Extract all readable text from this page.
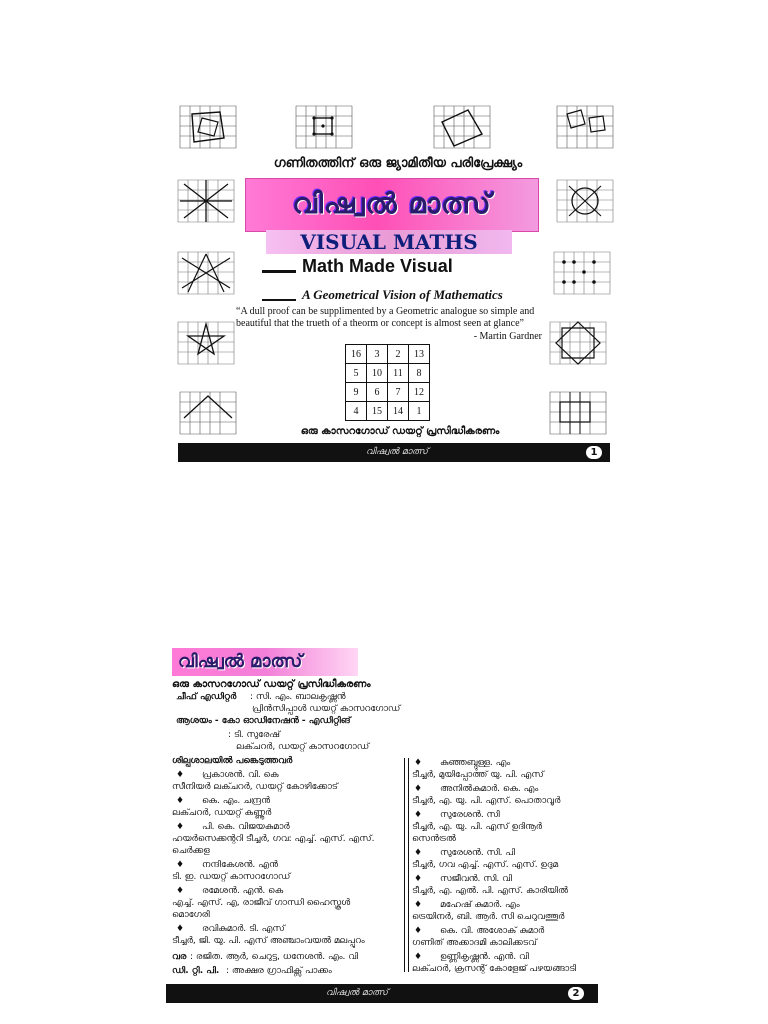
ഗണിതത്തിന് ഒരു ജ്യാമിതീയ പരിപ്രേക്ഷ്യം
വിഷ്വൽ മാത്സ്
VISUAL MATHS
Math Made Visual
A Geometrical Vision of Mathematics
“A dull proof can be supplimented by a Geometric analogue so simple and beautiful that the trueth of a theorm or concept is almost seen at glance”
- Martin Gardner
16	3	2	13
5	10	11	8
9	6	7	12
4	15	14	1
ഒരു കാസറഗോഡ് ഡയറ്റ് പ്രസിദ്ധീകരണം
വിഷ്വൽ മാത്സ്	1
വിഷ്വൽ മാത്സ്
ഒരു കാസറഗോഡ് ഡയറ്റ് പ്രസിദ്ധീകരണം
ചീഫ് എഡിറ്റർ : സി. എം. ബാലകൃഷ്ണൻ
പ്രിൻസിപ്പാൾ ഡയറ്റ് കാസറഗോഡ്
ആശയം - കോ ഓഡിനേഷൻ - എഡിറ്റിങ്
: ടി. സുരേഷ്
ലക്ചറർ, ഡയറ്റ് കാസറഗോഡ്
ശില്പശാലയിൽ പങ്കെടുത്തവർ
♦ പ്രകാശൻ. വി. കെ
സീനിയർ ലക്ചറർ, ഡയറ്റ് കോഴിക്കോട്
♦ കെ. എം. ചന്ദ്രൻ
ലക്ചറർ, ഡയറ്റ് കണ്ണൂർ
♦ പി. കെ. വിജയകുമാർ
ഹയർസെക്കന്ററി ടീച്ചർ, ഗവ: എച്ച്. എസ്. എസ്.
ചെർക്കള
♦ നന്ദികേശൻ. എൻ
ടി. ഇ. ഡയറ്റ് കാസറഗോഡ്
♦ രമേശൻ. എൻ. കെ
എച്ച്. എസ്. എ, രാജീവ് ഗാന്ധി ഹൈസ്കൂൾ
മൊഗേരി
♦ രവികുമാർ. ടി. എസ്
ടീച്ചർ, ജി. യു. പി. എസ് അഞ്ചാംവയൽ മലപ്പുറം
വര : രജിത. ആർ, ചെറുട്ട, ധനേശൻ. എം. വി
ഡി. റ്റി. പി. : അക്ഷര ഗ്രാഫിക്സ് പാക്കം
♦ കുഞ്ഞബ്ദുള്ള. എം
ടീച്ചർ, മുയിപ്പോത്ത് യു. പി. എസ്
♦ അനിൽകുമാർ. കെ. എം
ടീച്ചർ, എ. യു. പി. എസ്. പൊതാവൂർ
♦ സുരേശൻ. സി
ടീച്ചർ, എ. യു. പി. എസ് ഉദിനൂർ
സെൻട്രൽ
♦ സുരേശൻ. സി. പി
ടീച്ചർ, ഗവ എച്ച്. എസ്. എസ്. ഉദുമ
♦ സജീവൻ. സി. വി
ടീച്ചർ, എ. എൽ. പി. എസ്. കാരിയിൽ
♦ മഹേഷ് കുമാർ. എം
ട്രെയിനർ, ബി. ആർ. സി ചെറുവത്തൂർ
♦ കെ. വി. അശോക് കുമാർ
ഗണിത് അക്കാദമി കാലിക്കടവ്
♦ ഉണ്ണികൃഷ്ണൻ. എൻ. വി
ലക്ചറർ, ക്രസന്റ് കോളേജ് പഴയങ്ങാടി
വിഷ്വൽ മാത്സ്	2
